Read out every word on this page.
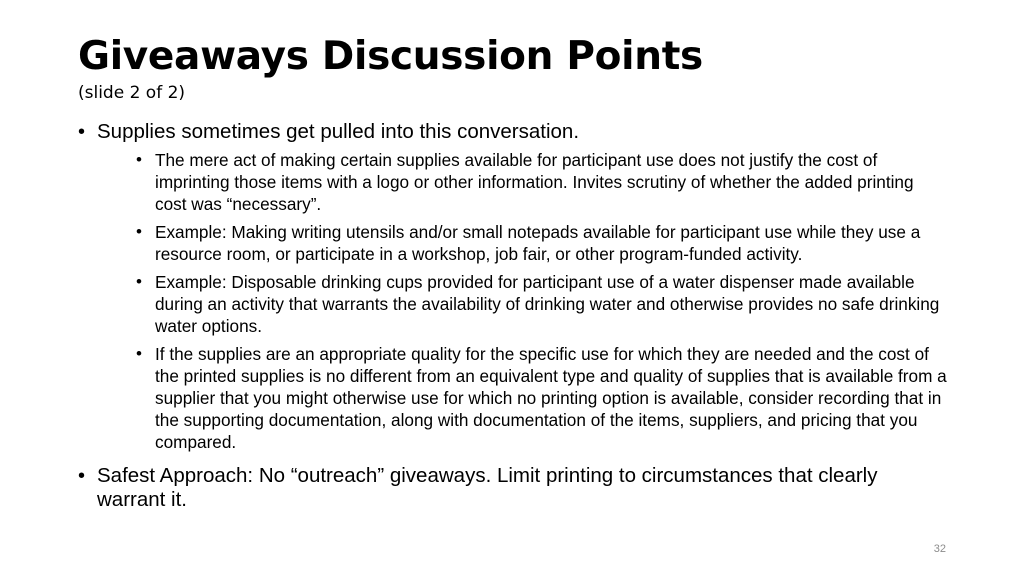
Giveaways Discussion Points
(slide 2 of 2)
• Supplies sometimes get pulled into this conversation.
• The mere act of making certain supplies available for participant use does not justify the cost of imprinting those items with a logo or other information. Invites scrutiny of whether the added printing cost was “necessary”.
• Example: Making writing utensils and/or small notepads available for participant use while they use a resource room, or participate in a workshop, job fair, or other program-funded activity.
• Example: Disposable drinking cups provided for participant use of a water dispenser made available during an activity that warrants the availability of drinking water and otherwise provides no safe drinking water options.
• If the supplies are an appropriate quality for the specific use for which they are needed and the cost of the printed supplies is no different from an equivalent type and quality of supplies that is available from a supplier that you might otherwise use for which no printing option is available, consider recording that in the supporting documentation, along with documentation of the items, suppliers, and pricing that you compared.
• Safest Approach: No “outreach” giveaways. Limit printing to circumstances that clearly warrant it.
32
